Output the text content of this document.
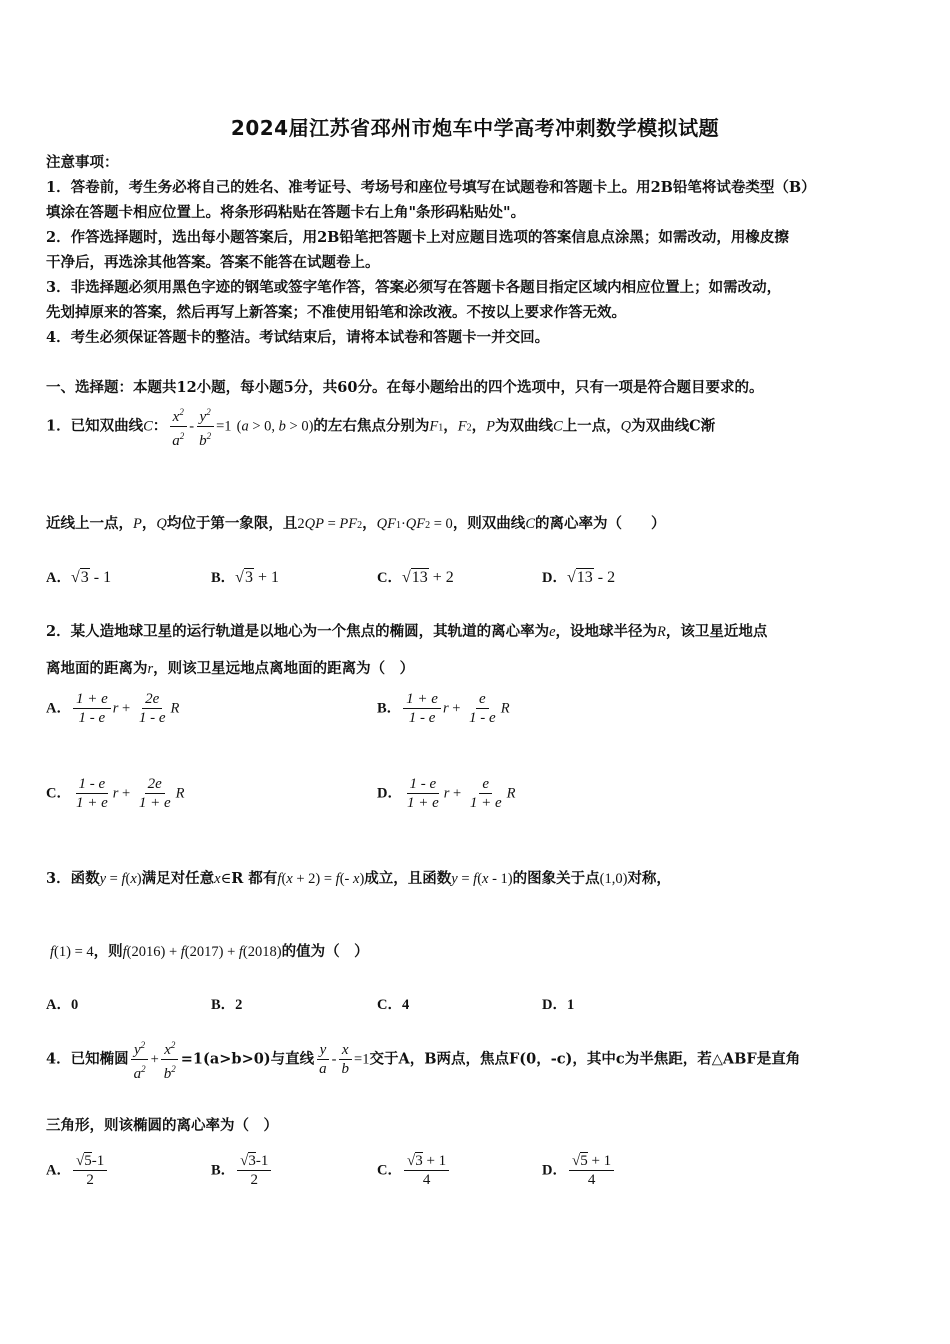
2024届江苏省邳州市炮车中学高考冲刺数学模拟试题
注意事项：
1．答卷前，考生务必将自己的姓名、准考证号、考场号和座位号填写在试题卷和答题卡上。用2B铅笔将试卷类型（B）
填涂在答题卡相应位置上。将条形码粘贴在答题卡右上角"条形码粘贴处"。
2．作答选择题时，选出每小题答案后，用2B铅笔把答题卡上对应题目选项的答案信息点涂黑；如需改动，用橡皮擦
干净后，再选涂其他答案。答案不能答在试题卷上。
3．非选择题必须用黑色字迹的钢笔或签字笔作答，答案必须写在答题卡各题目指定区域内相应位置上；如需改动，
先划掉原来的答案，然后再写上新答案；不准使用铅笔和涂改液。不按以上要求作答无效。
4．考生必须保证答题卡的整洁。考试结束后，请将本试卷和答题卡一并交回。
一、选择题：本题共12小题，每小题5分，共60分。在每小题给出的四个选项中，只有一项是符合题目要求的。
1．已知双曲线C： $\frac{x^2}{a^2} - \frac{y^2}{b^2} =1$ (a > 0, b > 0)的左右焦点分别为F1，F2，P为双曲线C上一点，Q为双曲线C渐
近线上一点，P，Q均位于第一象限，且2QP = PF2，QF1·QF2 = 0，则双曲线C的离心率为（　　）
A．√3 - 1	B．√3 + 1	C．√13 + 2	D．√13 - 2
2．某人造地球卫星的运行轨道是以地心为一个焦点的椭圆，其轨道的离心率为e，设地球半径为R，该卫星近地点
离地面的距离为r，则该卫星远地点离地面的距离为（　）
A． $\frac{1 + e}{1 - e}$ $r + \frac{2e}{1 - e}$ R	B． $\frac{1 + e}{1 - e}$ $r + \frac{e}{1 - e}$ R
C． $\frac{1 - e}{1 + e}$ $r + \frac{2e}{1 + e}$ R	D． $\frac{1 - e}{1 + e}$ $r + \frac{e}{1 + e}$ R
3．函数y = f(x)满足对任意x∈R 都有f(x + 2) = f(- x)成立，且函数y = f(x - 1)的图象关于点(1,0)对称，
f(1) = 4，则f(2016) + f(2017) + f(2018)的值为（　）
A．0	B．2	C．4	D．1
4．已知椭圆 $\frac{y^2}{a^2} + \frac{x^2}{b^2} =1(a>b>0)$与直线 $\frac{y}{a} - \frac{x}{b} =1$交于A，B两点，焦点F(0，-c)，其中c为半焦距，若△ABF是直角
三角形，则该椭圆的离心率为（　）
A． $\frac{√5-1}{2}$	B． $\frac{√3-1}{2}$	C． $\frac{√3 + 1}{4}$	D． $\frac{√5 + 1}{4}$
